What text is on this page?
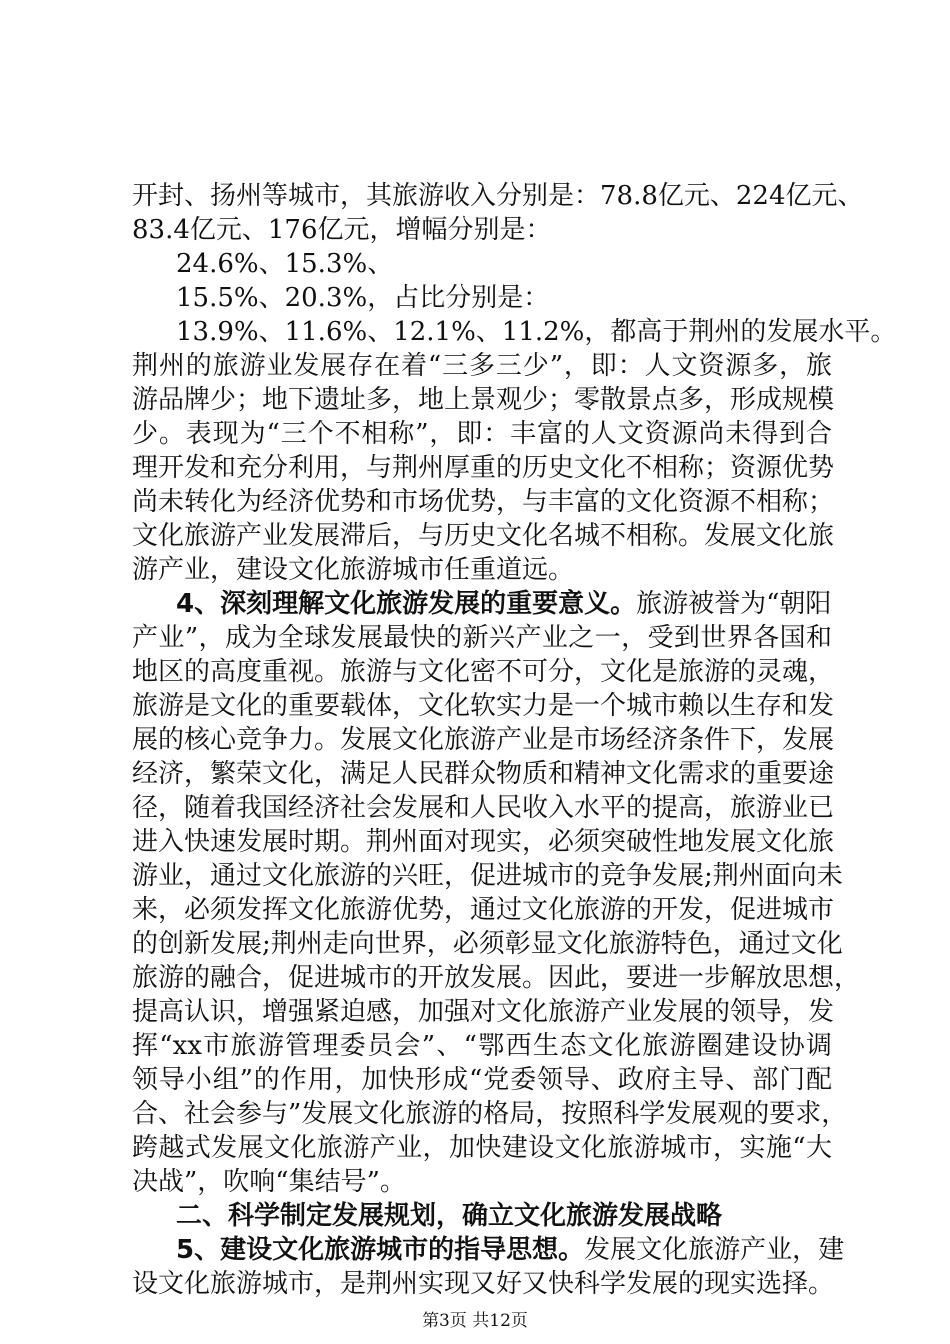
开封、扬州等城市，其旅游收入分别是：78.8亿元、224亿元、
83.4亿元、176亿元，增幅分别是：
24.6%、15.3%、
15.5%、20.3%，占比分别是：
13.9%、11.6%、12.1%、11.2%，都高于荆州的发展水平。
荆州的旅游业发展存在着“三多三少”，即：人文资源多，旅
游品牌少；地下遗址多，地上景观少；零散景点多，形成规模
少。表现为“三个不相称”，即：丰富的人文资源尚未得到合
理开发和充分利用，与荆州厚重的历史文化不相称；资源优势
尚未转化为经济优势和市场优势，与丰富的文化资源不相称；
文化旅游产业发展滞后，与历史文化名城不相称。发展文化旅
游产业，建设文化旅游城市任重道远。
4、深刻理解文化旅游发展的重要意义。旅游被誉为“朝阳
产业”，成为全球发展最快的新兴产业之一，受到世界各国和
地区的高度重视。旅游与文化密不可分，文化是旅游的灵魂，
旅游是文化的重要载体，文化软实力是一个城市赖以生存和发
展的核心竞争力。发展文化旅游产业是市场经济条件下，发展
经济，繁荣文化，满足人民群众物质和精神文化需求的重要途
径，随着我国经济社会发展和人民收入水平的提高，旅游业已
进入快速发展时期。荆州面对现实，必须突破性地发展文化旅
游业，通过文化旅游的兴旺，促进城市的竞争发展;荆州面向未
来，必须发挥文化旅游优势，通过文化旅游的开发，促进城市
的创新发展;荆州走向世界，必须彰显文化旅游特色，通过文化
旅游的融合，促进城市的开放发展。因此，要进一步解放思想，
提高认识，增强紧迫感，加强对文化旅游产业发展的领导，发
挥“xx市旅游管理委员会”、“鄂西生态文化旅游圈建设协调
领导小组”的作用，加快形成“党委领导、政府主导、部门配
合、社会参与”发展文化旅游的格局，按照科学发展观的要求，
跨越式发展文化旅游产业，加快建设文化旅游城市，实施“大
决战”，吹响“集结号”。
二、科学制定发展规划，确立文化旅游发展战略
5、建设文化旅游城市的指导思想。发展文化旅游产业，建
设文化旅游城市，是荆州实现又好又快科学发展的现实选择。
第3页 共12页
